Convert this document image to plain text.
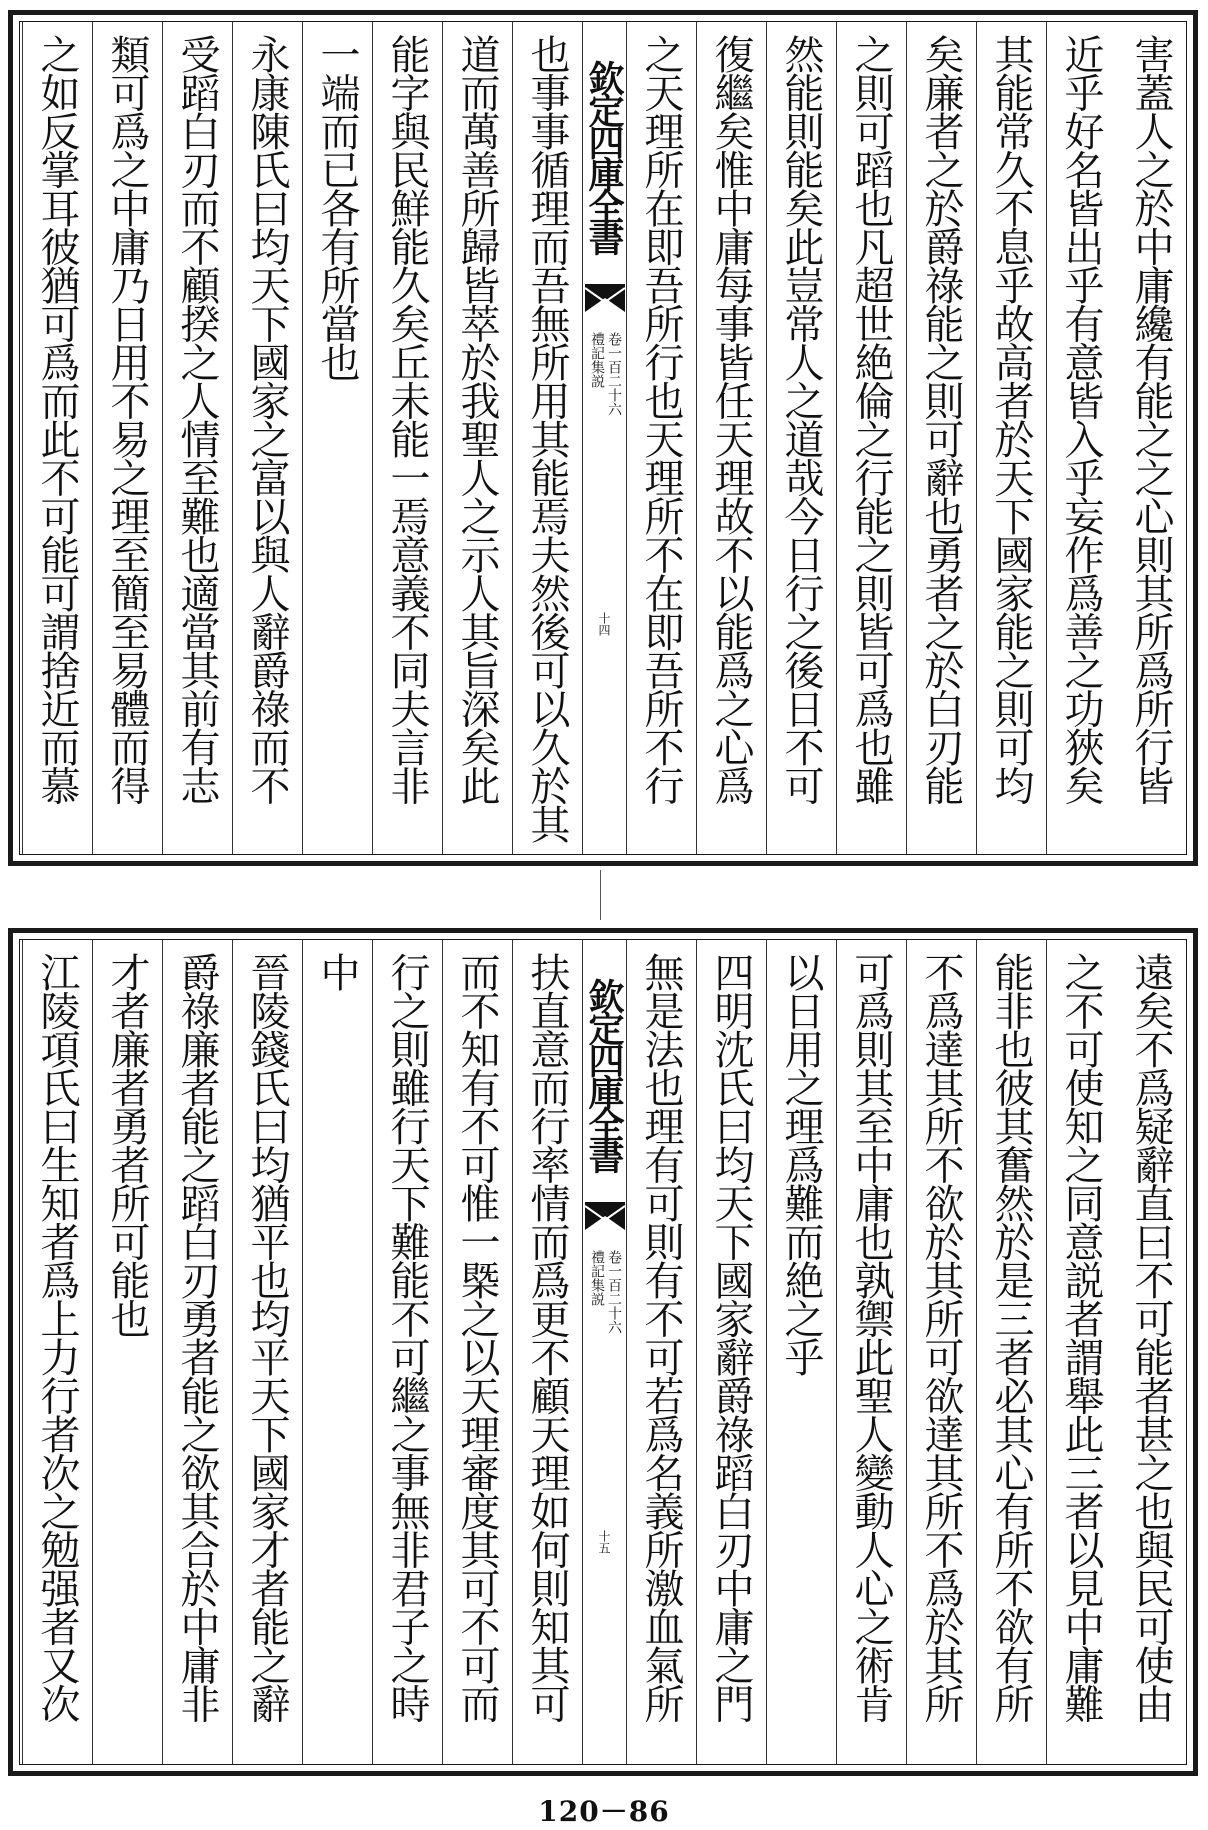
害蓋人之於中庸纔有能之之心則其所爲所行皆
近乎好名皆出乎有意皆入乎妄作爲善之功狹矣
其能常久不息乎故高者於天下國家能之則可均
矣廉者之於爵祿能之則可辭也勇者之於白刃能
之則可蹈也凡超世絶倫之行能之則皆可爲也雖
然能則能矣此豈常人之道哉今日行之後日不可
復繼矣惟中庸每事皆任天理故不以能爲之心爲
之天理所在即吾所行也天理所不在即吾所不行
欽定四庫全書
禮記集説 卷一百二十六
十四
也事事循理而吾無所用其能焉夫然後可以久於其
道而萬善所歸皆萃於我聖人之示人其旨深矣此
能字與民鮮能久矣丘未能一焉意義不同夫言非
一端而已各有所當也
永康陳氏曰均天下國家之富以與人辭爵祿而不
受蹈白刃而不顧揆之人情至難也適當其前有志
類可爲之中庸乃日用不易之理至簡至易體而得
之如反掌耳彼猶可爲而此不可能可謂捨近而慕
遠矣不爲疑辭直曰不可能者甚之也與民可使由
之不可使知之同意説者謂舉此三者以見中庸難
能非也彼其奮然於是三者必其心有所不欲有所
不爲達其所不欲於其所可欲達其所不爲於其所
可爲則其至中庸也孰禦此聖人變動人心之術肯
以日用之理爲難而絶之乎
四明沈氏曰均天下國家辭爵祿蹈白刃中庸之門
無是法也理有可則有不可若爲名義所激血氣所
欽定四庫全書
禮記集説 卷一百二十六
十五
扶直意而行率情而爲更不顧天理如何則知其可
而不知有不可惟一槩之以天理審度其可不可而
行之則雖行天下難能不可繼之事無非君子之時
中
晉陵錢氏曰均猶平也均平天下國家才者能之辭
爵祿廉者能之蹈白刃勇者能之欲其合於中庸非
才者廉者勇者所可能也
江陵項氏曰生知者爲上力行者次之勉强者又次
120－86
